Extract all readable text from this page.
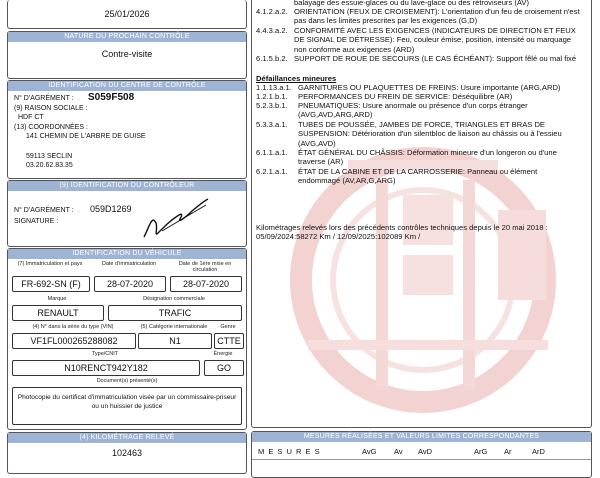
25/01/2026
NATURE DU PROCHAIN CONTRÔLE
Contre-visite
IDENTIFICATION DU CENTRE DE CONTRÔLE
N° D'AGRÉMENT : S059F508
(9) RAISON SOCIALE :
HDF CT
(13) COORDONNÉES :
141 CHEMIN DE L'ARBRE DE GUISE
59113 SECLIN
03.20.62.83.35
(9) IDENTIFICATION DU CONTRÔLEUR
N° D'AGRÉMENT : 059D1269
SIGNATURE :
IDENTIFICATION DU VÉHICULE
(7) Immatriculation et pays	Date d'immatriculation	Date de 1ère mise en circulation
FR-692-SN (F)	28-07-2020	28-07-2020
Marque	Désignation commerciale
RENAULT	TRAFIC
(4) N° dans la série du type (VIN)	(5) Catégorie internationale	Genre
VF1FL000265288082	N1	CTTE
Type/CNIT	Énergie
N10RENCT942Y182	GO
Document(s) présenté(s)
Photocopie du certificat d'immatriculation visée par un commissaire-priseur ou un huissier de justice
(4) KILOMÉTRAGE RELEVÉ
102463
balayage des essuie-glaces ou du lave-glace ou des rétroviseurs (AV)
4.1.2.a.2. ORIENTATION (FEUX DE CROISEMENT): L'orientation d'un feu de croisement n'est pas dans les limites prescrites par les exigences (G,D)
4.4.3.a.2. CONFORMITÉ AVEC LES EXIGENCES (INDICATEURS DE DIRECTION ET FEUX DE SIGNAL DE DÉTRESSE): Feu, couleur émise, position, intensité ou marquage non conforme aux exigences (ARD)
6.1.5.b.2. SUPPORT DE ROUE DE SECOURS (LE CAS ÉCHÉANT): Support fêlé ou mal fixé
Défaillances mineures
1.1.13.a.1. GARNITURES OU PLAQUETTES DE FREINS: Usure importante (ARG,ARD)
1.2.1.b.1. PERFORMANCES DU FREIN DE SERVICE: Déséquilibre (AR)
5.2.3.b.1. PNEUMATIQUES: Usure anormale ou présence d'un corps étranger (AVG,AVD,ARG,ARD)
5.3.3.a.1. TUBES DE POUSSÉE, JAMBES DE FORCE, TRIANGLES ET BRAS DE SUSPENSION: Détérioration d'un silentbloc de liaison au châssis ou à l'essieu (AVG,AVD)
6.1.1.a.1. ÉTAT GÉNÉRAL DU CHÂSSIS: Déformation mineure d'un longeron ou d'une traverse (AR)
6.2.1.a.1. ÉTAT DE LA CABINE ET DE LA CARROSSERIE: Panneau ou élément endommagé (AV,AR,G,ARG)
Kilométrages relevés lors des précédents contrôles techniques depuis le 20 mai 2018 : 05/09/2024:58272 Km / 12/09/2025:102089 Km /
MESURES RÉALISÉES ET VALEURS LIMITES CORRESPONDANTES
M E S U R E S	AvG Av AvD	ArG Ar	ArD
